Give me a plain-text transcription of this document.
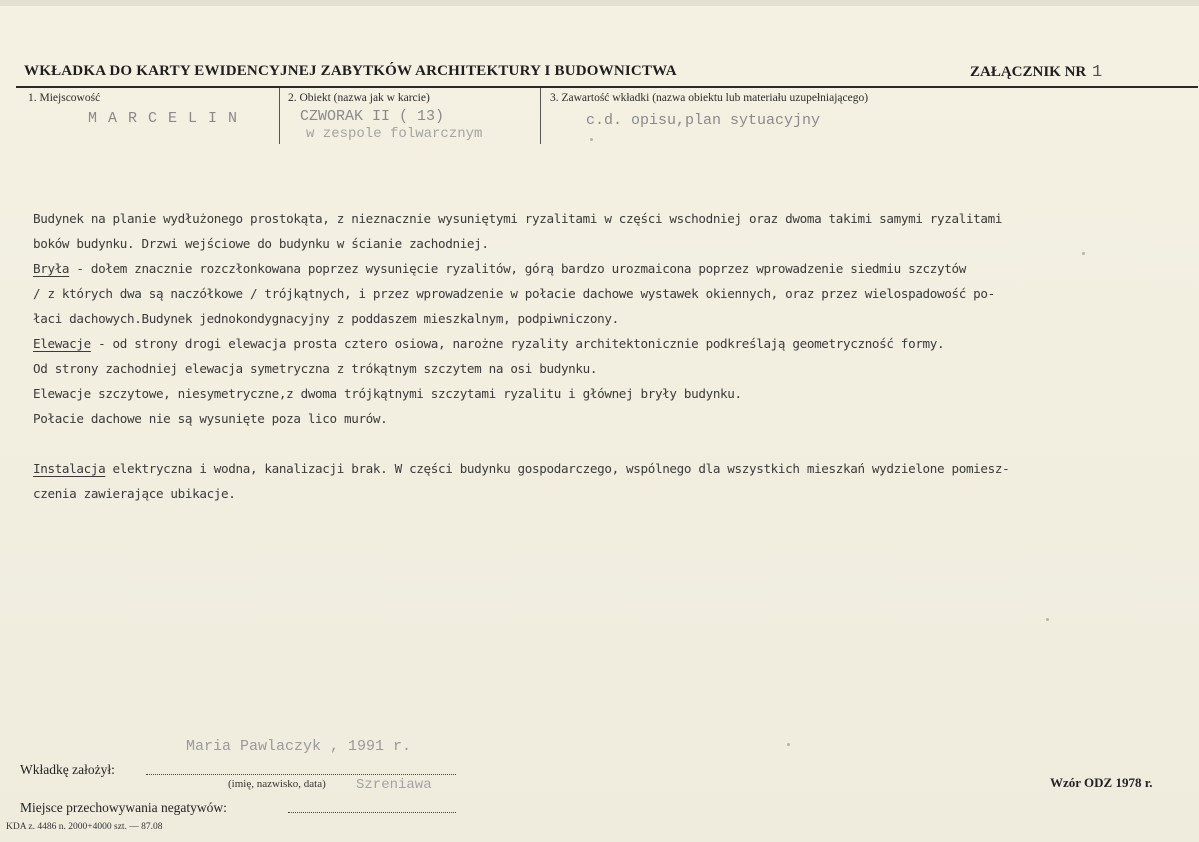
WKŁADKA DO KARTY EWIDENCYJNEJ ZABYTKÓW ARCHITEKTURY I BUDOWNICTWA	ZAŁĄCZNIK NR 1
1. Miejscowość
M A R C E L I N
2. Obiekt (nazwa jak w karcie)
CZWORAK II ( 13)
w zespole folwarcznym
3. Zawartość wkładki (nazwa obiektu lub materiału uzupełniającego)
c.d. opisu,plan sytuacyjny
Budynek na planie wydłużonego prostokąta, z nieznacznie wysuniętymi ryzalitami w części wschodniej oraz dwoma takimi samymi ryzalitami
boków budynku. Drzwi wejściowe do budynku w ścianie zachodniej.
Bryła - dołem znacznie rozczłonkowana poprzez wysunięcie ryzalitów, górą bardzo urozmaicona poprzez wprowadzenie siedmiu szczytów
/ z których dwa są naczółkowe / trójkątnych, i przez wprowadzenie w połacie dachowe wystawek okiennych, oraz przez wielospadowość po-
łaci dachowych.Budynek jednokondygnacyjny z poddaszem mieszkalnym, podpiwniczony.
Elewacje - od strony drogi elewacja prosta cztero osiowa, narożne ryzality architektonicznie podkreślają geometryczność formy.
Od strony zachodniej elewacja symetryczna z trókątnym szczytem na osi budynku.
Elewacje szczytowe, niesymetryczne,z dwoma trójkątnymi szczytami ryzalitu i głównej bryły budynku.
Połacie dachowe nie są wysunięte poza lico murów.
Instalacja elektryczna i wodna, kanalizacji brak. W części budynku gospodarczego, wspólnego dla wszystkich mieszkań wydzielone pomiesz-
czenia zawierające ubikacje.
Maria Pawlaczyk , 1991 r.
Wkładkę założył:
(imię, nazwisko, data) Szreniawa
Miejsce przechowywania negatywów:
Wzór ODZ 1978 r.
KDA z. 4486 n. 2000+4000 szt. — 87.08
